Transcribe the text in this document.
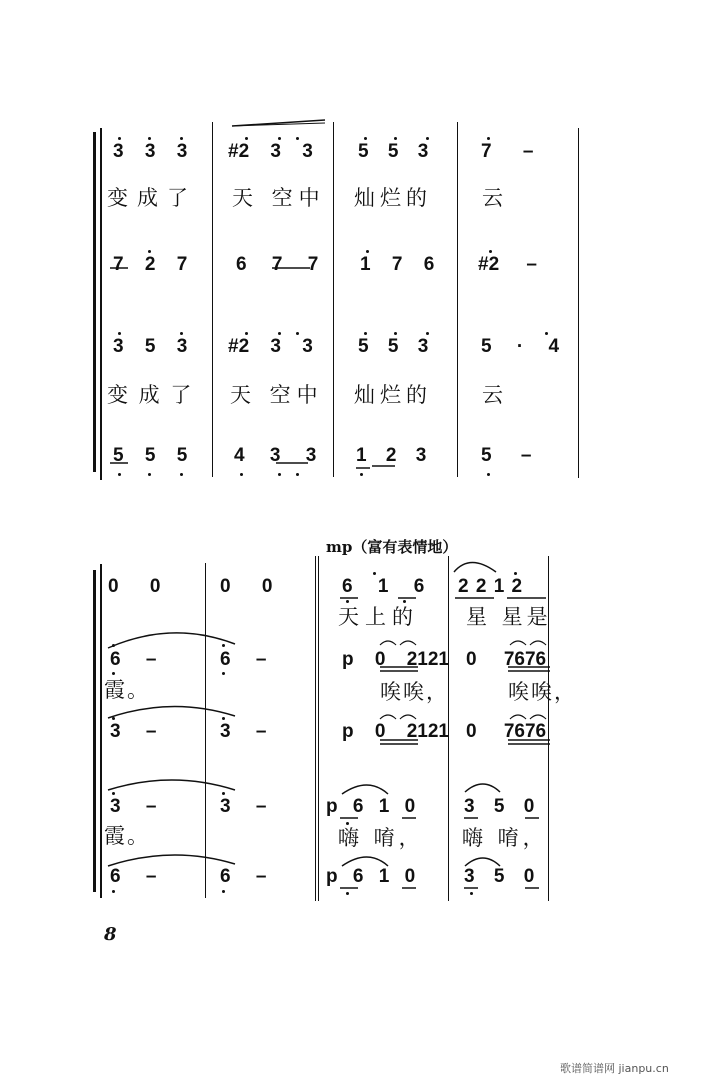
3 3 3 #2 3 3 5 5 3	7 –
变成了 天 空中 灿烂的 云
7 2 7	6 7 7 1 7 6 #2 –
3 5 3 #2 3 3 5 5 3	5 · 4
变 成 了 天 空中 灿烂的 云
5 5 5 4 3 3 1 2 3	5 –
mp（富有表情地）
0 0	0 0	6 1 6 2 2 1 2
天上的 星 星是
6 –	6 –	p 0 2121 0 7676
霞。	唉唉，	唉唉，
3 –	3 –	p 0 2121 0 7676
3 –	3 –	p 6 1 0	3 5 0
霞。	嗨 唷， 嗨 唷，
6 –	6 –	p 6 1 0	3 5 0
8
歌谱简谱网 jianpu.cn
